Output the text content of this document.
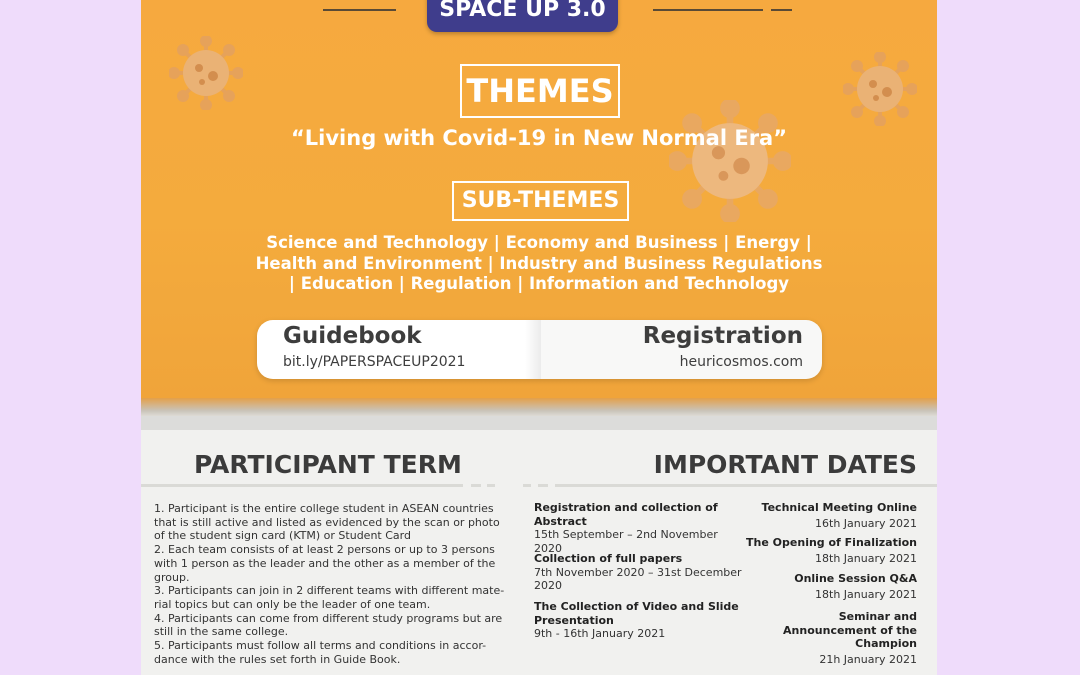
SPACE UP 3.0
THEMES
“Living with Covid-19 in New Normal Era”
SUB-THEMES
Science and Technology | Economy and Business | Energy |
Health and Environment | Industry and Business Regulations
| Education | Regulation | Information and Technology
Guidebook
bit.ly/PAPERSPACEUP2021
Registration
heuricosmos.com
PARTICIPANT TERM

1. Participant is the entire college student in ASEAN countries that is still active and listed as evidenced by the scan or photo of the student sign card (KTM) or Student Card

2. Each team consists of at least 2 persons or up to 3 persons with 1 person as the leader and the other as a member of the group.

3. Participants can join in 2 different teams with different mate-rial topics but can only be the leader of one team.

4. Participants can come from different study programs but are still in the same college.

5. Participants must follow all terms and conditions in accor-dance with the rules set forth in Guide Book.

IMPORTANT DATES
Registration and collection of Abstract
15th September – 2nd November 2020
Collection of full papers
7th November 2020 – 31st December 2020
The Collection of Video and Slide Presentation
9th - 16th January 2021
Technical Meeting Online
16th January 2021
The Opening of Finalization
18th January 2021
Online Session Q&A
18th January 2021
Seminar and Announcement of the Champion
21h January 2021
